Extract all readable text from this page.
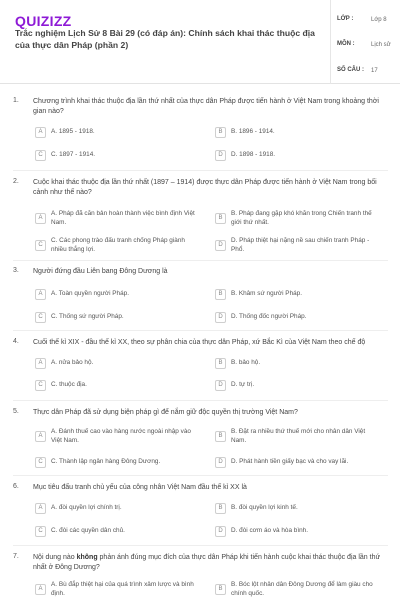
QUIZIZZ
Trắc nghiệm Lịch Sử 8 Bài 29 (có đáp án): Chính sách khai thác thuộc địa của thực dân Pháp (phần 2)
LỚP :	Lớp 8
MÔN :	Lịch sử
SỐ CÂU : 17
1. Chương trình khai thác thuộc địa lần thứ nhất của thực dân Pháp được tiến hành ở Việt Nam trong khoảng thời gian nào?
A	A. 1895 - 1918.	B	B. 1896 - 1914.
C	C. 1897 - 1914.	D	D. 1898 - 1918.
2. Cuộc khai thác thuộc địa lần thứ nhất (1897 – 1914) được thực dân Pháp được tiến hành ở Việt Nam trong bối cảnh như thế nào?
A
A. Pháp đã căn bản hoàn thành việc bình định Việt Nam.
B
B. Pháp đang gặp khó khăn trong Chiến tranh thế giới thứ nhất.
C
C. Các phong trào đấu tranh chống Pháp giành nhiều thắng lợi.
D
D. Pháp thiệt hại nặng nề sau chiến tranh Pháp - Phổ.
3. Người đứng đầu Liên bang Đông Dương là
A	A. Toàn quyền người Pháp.	B	B. Khâm sứ người Pháp.
C	C. Thống sứ người Pháp.	D	D. Thống đốc người Pháp.
4. Cuối thế kỉ XIX - đầu thế kỉ XX, theo sự phân chia của thực dân Pháp, xứ Bắc Kì của Việt Nam theo chế độ
A	A. nửa bảo hộ.	B	B. bảo hộ.
C	C. thuộc địa.	D	D. tự trị.
5. Thực dân Pháp đã sử dụng biện pháp gì để nắm giữ độc quyền thị trường Việt Nam?
A
A. Đánh thuế cao vào hàng nước ngoài nhập vào Việt Nam.
B
B. Đặt ra nhiều thứ thuế mới cho nhân dân Việt Nam.
C	C. Thành lập ngân hàng Đông Dương.	D	D. Phát hành tiền giấy bạc và cho vay lãi.
6. Mục tiêu đấu tranh chủ yếu của công nhân Việt Nam đầu thế kỉ XX là
A	A. đòi quyền lợi chính trị.	B	B. đòi quyền lợi kinh tế.
C	C. đòi các quyền dân chủ.	D	D. đòi cơm áo và hòa bình.
7. Nội dung nào không phản ánh đúng mục đích của thực dân Pháp khi tiến hành cuộc khai thác thuộc địa lần thứ nhất ở Đông Dương?
A
A. Bù đắp thiệt hại của quá trình xâm lược và bình định.
B
B. Bóc lột nhân dân Đông Dương để làm giàu cho chính quốc.
